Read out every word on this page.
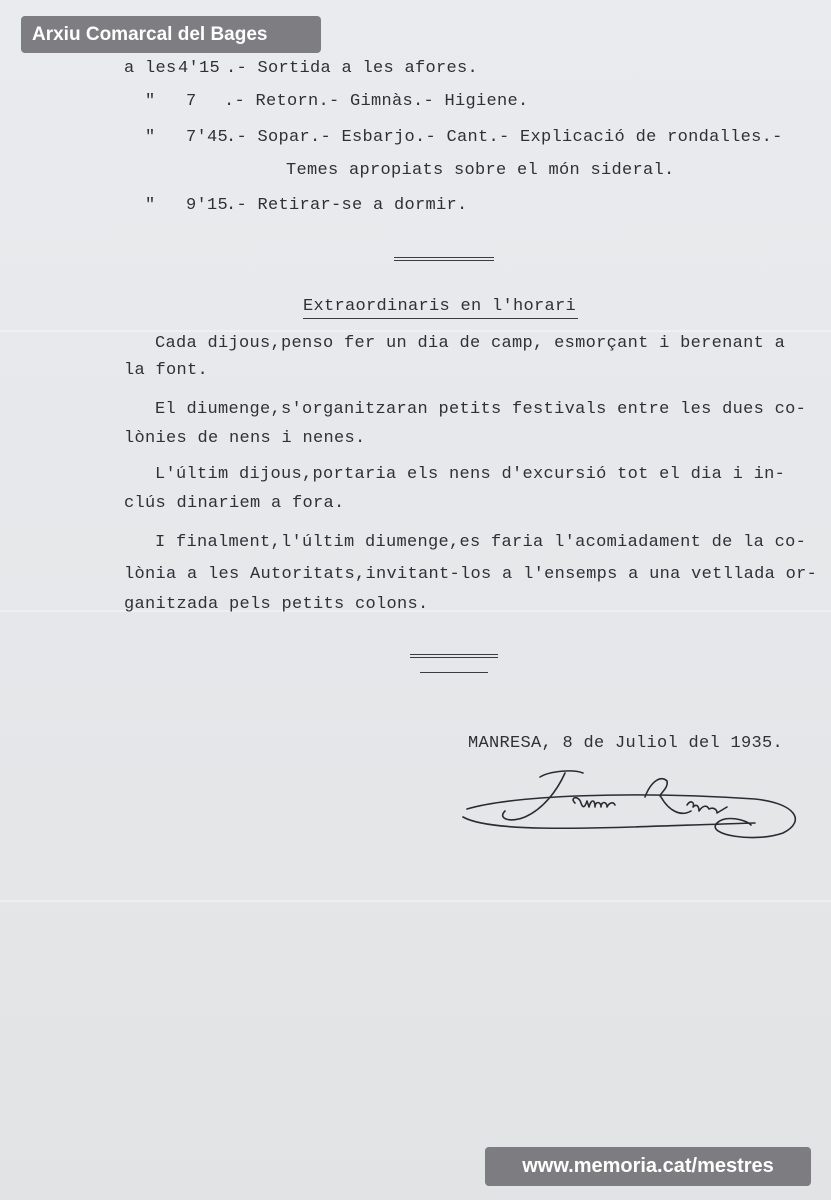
Arxiu Comarcal del Bages
a les 4'15 .- Sortida a les afores.
" 7 .- Retorn.- Gimnàs.- Higiene.
" 7'45
.- Sopar.- Esbarjo.- Cant.- Explicació de rondalles.-
Temes apropiats sobre el món sideral.
" 9'15
.- Retirar-se a dormir.
Extraordinaris en l'horari
Cada dijous,penso fer un dia de camp, esmorçant i berenant a
la font.
El diumenge,s'organitzaran petits festivals entre les dues co-
lònies de nens i nenes.
L'últim dijous,portaria els nens d'excursió tot el dia i in-
clús dinariem a fora.
I finalment,l'últim diumenge,es faria l'acomiadament de la co-
lònia a les Autoritats,invitant-los a l'ensemps a una vetllada or-
ganitzada pels petits colons.
MANRESA, 8 de Juliol del 1935.
Jaume Rovira
www.memoria.cat/mestres
